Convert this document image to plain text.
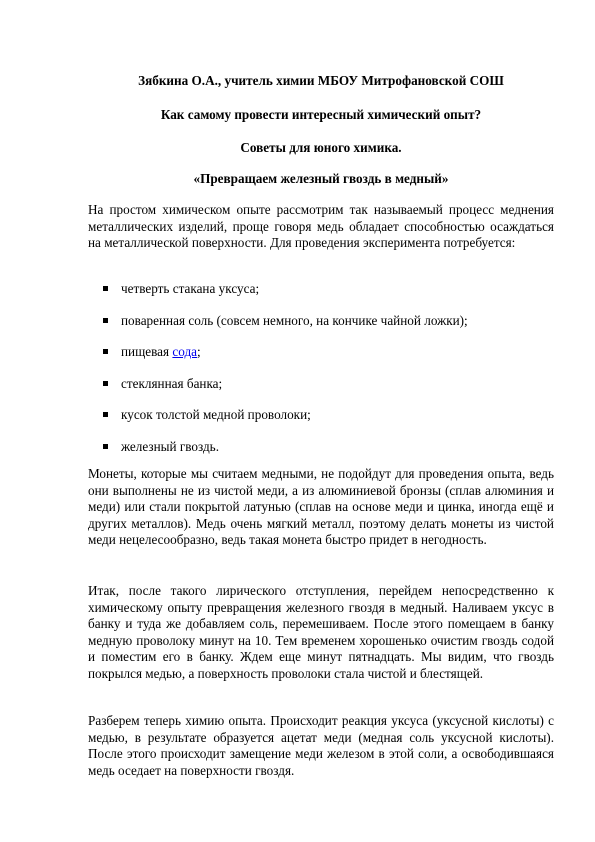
Зябкина О.А., учитель химии МБОУ Митрофановской СОШ

Как самому провести интересный химический опыт?

Советы для юного химика.

«Превращаем железный гвоздь в медный»

На простом химическом опыте рассмотрим так называемый процесс меднения металлических изделий, проще говоря медь обладает способностью осаждаться на металлической поверхности. Для проведения эксперимента потребуется:

четверть стакана уксуса;
поваренная соль (совсем немного, на кончике чайной ложки);
пищевая сода;
стеклянная банка;
кусок толстой медной проволоки;
железный гвоздь.

Монеты, которые мы считаем медными, не подойдут для проведения опыта, ведь они выполнены не из чистой меди, а из алюминиевой бронзы (сплав алюминия и меди) или стали покрытой латунью (сплав на основе меди и цинка, иногда ещё и других металлов). Медь очень мягкий металл, поэтому делать монеты из чистой меди нецелесообразно, ведь такая монета быстро придет в негодность.

Итак, после такого лирического отступления, перейдем непосредственно к химическому опыту превращения железного гвоздя в медный. Наливаем уксус в банку и туда же добавляем соль, перемешиваем. После этого помещаем в банку медную проволоку минут на 10. Тем временем хорошенько очистим гвоздь содой и поместим его в банку. Ждем еще минут пятнадцать. Мы видим, что гвоздь покрылся медью, а поверхность проволоки стала чистой и блестящей.

Разберем теперь химию опыта. Происходит реакция уксуса (уксусной кислоты) с медью, в результате образуется ацетат меди (медная соль уксусной кислоты). После этого происходит замещение меди железом в этой соли, а освободившаяся медь оседает на поверхности гвоздя.
